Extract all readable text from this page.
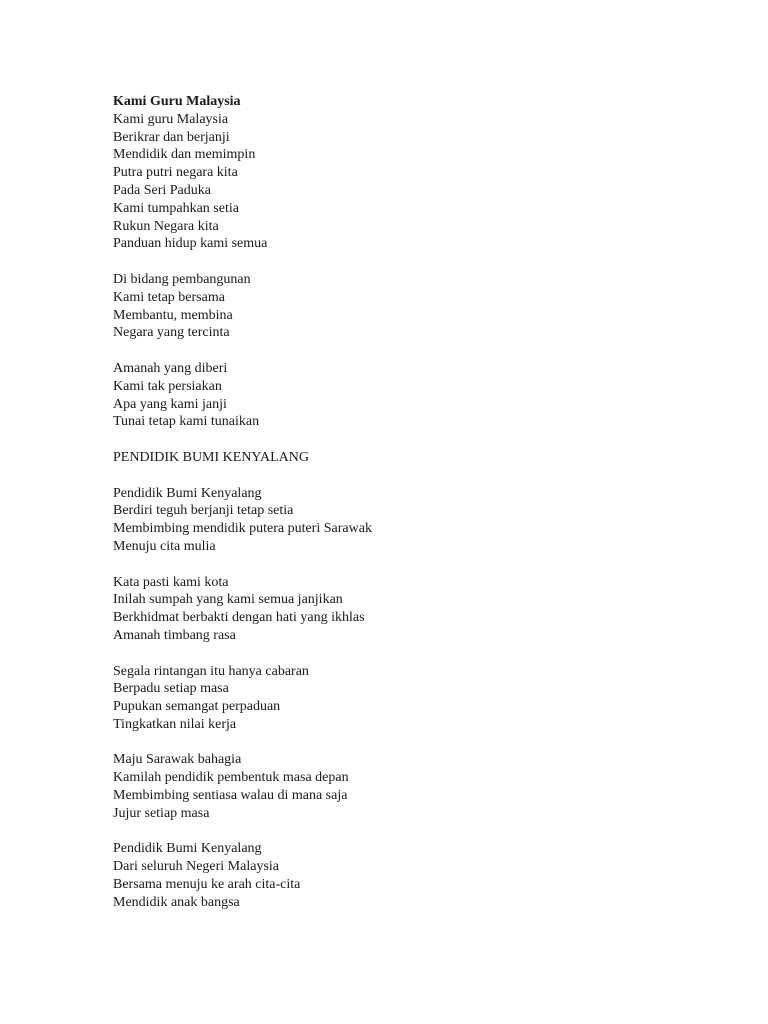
Kami Guru Malaysia
Kami guru Malaysia
Berikrar dan berjanji
Mendidik dan memimpin
Putra putri negara kita
Pada Seri Paduka
Kami tumpahkan setia
Rukun Negara kita
Panduan hidup kami semua
Di bidang pembangunan
Kami tetap bersama
Membantu, membina
Negara yang tercinta
Amanah yang diberi
Kami tak persiakan
Apa yang kami janji
Tunai tetap kami tunaikan
PENDIDIK BUMI KENYALANG
Pendidik Bumi Kenyalang
Berdiri teguh berjanji tetap setia
Membimbing mendidik putera puteri Sarawak
Menuju cita mulia
Kata pasti kami kota
Inilah sumpah yang kami semua janjikan
Berkhidmat berbakti dengan hati yang ikhlas
Amanah timbang rasa
Segala rintangan itu hanya cabaran
Berpadu setiap masa
Pupukan semangat perpaduan
Tingkatkan nilai kerja
Maju Sarawak bahagia
Kamilah pendidik pembentuk masa depan
Membimbing sentiasa walau di mana saja
Jujur setiap masa
Pendidik Bumi Kenyalang
Dari seluruh Negeri Malaysia
Bersama menuju ke arah cita-cita
Mendidik anak bangsa
